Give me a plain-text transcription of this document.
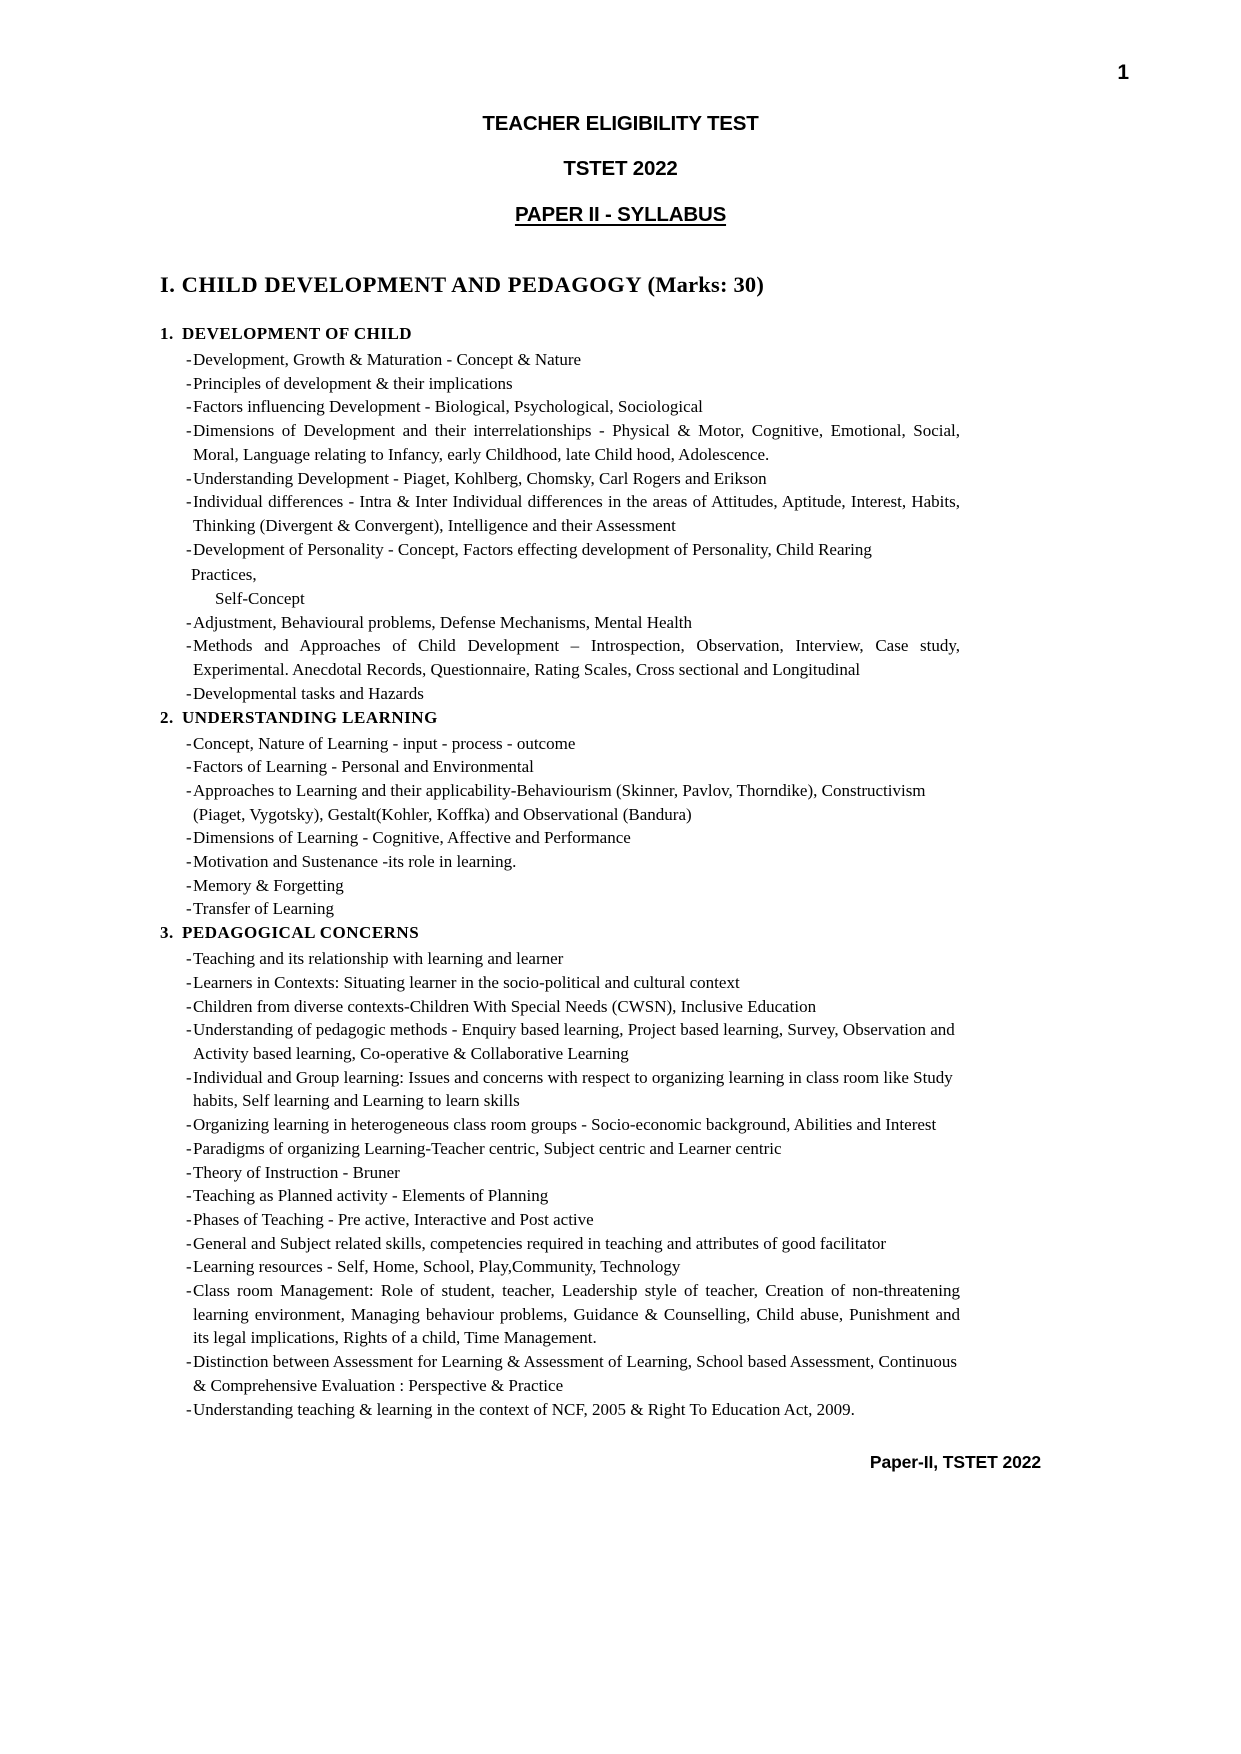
1
TEACHER ELIGIBILITY TEST
TSTET 2022
PAPER II - SYLLABUS
I. CHILD DEVELOPMENT AND PEDAGOGY (Marks: 30)
1. DEVELOPMENT OF CHILD
- Development, Growth & Maturation - Concept & Nature
- Principles of development & their implications
- Factors influencing Development - Biological, Psychological, Sociological
- Dimensions of Development and their interrelationships - Physical & Motor, Cognitive, Emotional, Social, Moral, Language relating to Infancy, early Childhood, late Child hood, Adolescence.
- Understanding Development - Piaget, Kohlberg, Chomsky, Carl Rogers and Erikson
- Individual differences - Intra & Inter Individual differences in the areas of Attitudes, Aptitude, Interest, Habits, Thinking (Divergent & Convergent), Intelligence and their Assessment
- Development of Personality - Concept, Factors effecting development of Personality, Child Rearing
Practices,
Self-Concept
- Adjustment, Behavioural problems, Defense Mechanisms, Mental Health
- Methods and Approaches of Child Development – Introspection, Observation, Interview, Case study, Experimental. Anecdotal Records, Questionnaire, Rating Scales, Cross sectional and Longitudinal
- Developmental tasks and Hazards
2. UNDERSTANDING LEARNING
- Concept, Nature of Learning - input - process - outcome
- Factors of Learning - Personal and Environmental
- Approaches to Learning and their applicability-Behaviourism (Skinner, Pavlov, Thorndike), Constructivism (Piaget, Vygotsky), Gestalt(Kohler, Koffka) and Observational (Bandura)
- Dimensions of Learning - Cognitive, Affective and Performance
- Motivation and Sustenance -its role in learning.
- Memory & Forgetting
- Transfer of Learning
3. PEDAGOGICAL CONCERNS
- Teaching and its relationship with learning and learner
- Learners in Contexts: Situating learner in the socio-political and cultural context
- Children from diverse contexts-Children With Special Needs (CWSN), Inclusive Education
- Understanding of pedagogic methods - Enquiry based learning, Project based learning, Survey, Observation and Activity based learning, Co-operative & Collaborative Learning
- Individual and Group learning: Issues and concerns with respect to organizing learning in class room like Study habits, Self learning and Learning to learn skills
- Organizing learning in heterogeneous class room groups - Socio-economic background, Abilities and Interest
- Paradigms of organizing Learning-Teacher centric, Subject centric and Learner centric
- Theory of Instruction - Bruner
- Teaching as Planned activity - Elements of Planning
- Phases of Teaching - Pre active, Interactive and Post active
- General and Subject related skills, competencies required in teaching and attributes of good facilitator
- Learning resources - Self, Home, School, Play,Community, Technology
- Class room Management: Role of student, teacher, Leadership style of teacher, Creation of non-threatening learning environment, Managing behaviour problems, Guidance & Counselling, Child abuse, Punishment and its legal implications, Rights of a child, Time Management.
- Distinction between Assessment for Learning & Assessment of Learning, School based Assessment, Continuous & Comprehensive Evaluation : Perspective & Practice
- Understanding teaching & learning in the context of NCF, 2005 & Right To Education Act, 2009.
Paper-II, TSTET 2022
